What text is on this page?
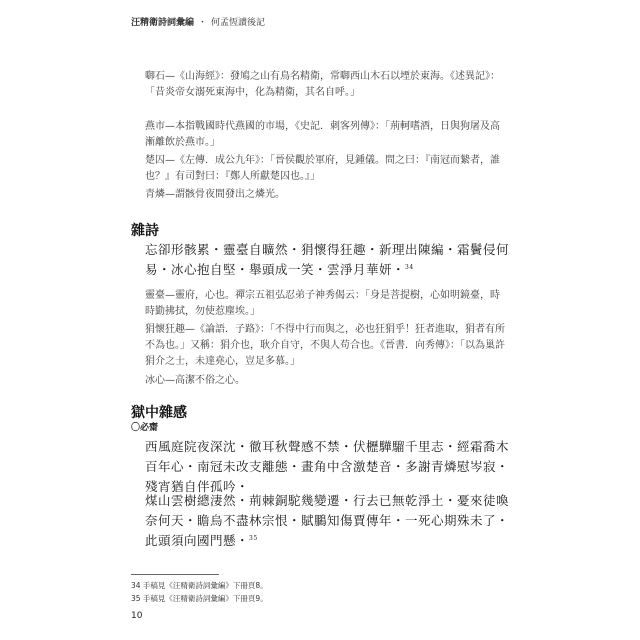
汪精衛詩詞彙編 ・ 何孟恆讀後記

啣石—《山海經》：發鳩之山有鳥名精衛，常啣西山木石以堙於東海。《述異記》：「昔炎帝女溺死東海中，化為精衛，其名自呼。」

燕市—本指戰國時代燕國的市場，《史記．刺客列傳》：「荊軻嗜酒，日與狗屠及高漸離飲於燕市。」

楚囚—《左傳．成公九年》：「晉侯觀於軍府，見鍾儀。問之曰：『南冠而縶者，誰也？』有司對曰：『鄭人所獻楚囚也。』」

青燐—謂骸骨夜間發出之燐光。

雜詩

忘卻形骸累・靈臺自曠然・狷懷得狂趣・新理出陳編・霜鬢侵何易・冰心抱自堅・舉頭成一笑・雲淨月華妍・$^{34}$

靈臺—靈府，心也。禪宗五祖弘忍弟子神秀偈云：「身是菩提樹，心如明鏡臺，時時勤拂拭，勿使惹塵埃。」

狷懷狂趣—《論語．子路》：「不得中行而與之，必也狂狷乎！狂者進取，狷者有所不為也。」又稱：狷介也，耿介自守，不與人苟合也。《晉書．向秀傳》：「以為巢許狷介之士，未達堯心，豈足多慕。」

冰心—高潔不俗之心。

獄中雜感
〇必齋

西風庭院夜深沈・徹耳秋聲感不禁・伏櫪驊騮千里志・經霜喬木百年心・南冠未改支離態・畫角中含激楚音・多謝青燐慰岑寂・殘宵猶自伴孤吟・

煤山雲樹總淒然・荊棘銅駝幾變遷・行去已無乾淨土・憂來徒喚奈何天・瞻烏不盡林宗恨・賦鵩知傷賈傳年・一死心期殊未了・此頭須向國門懸・$^{35}$

34 手稿見《汪精衛詩詞彙編》下冊頁8。
35 手稿見《汪精衛詩詞彙編》下冊頁9。
10
